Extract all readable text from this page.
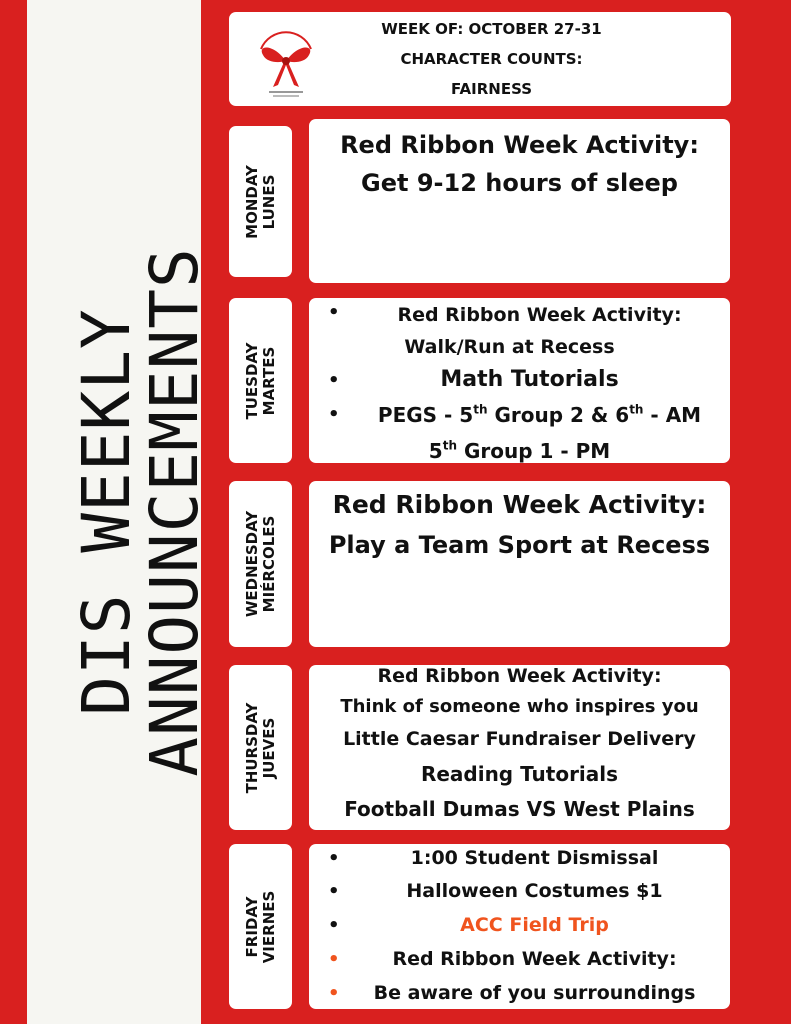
DIS WEEKLY
ANNOUNCEMENTS
WEEK OF: OCTOBER 27-31
CHARACTER COUNTS:
FAIRNESS
MONDAY LUNES
Red Ribbon Week Activity:
Get 9-12 hours of sleep
TUESDAY MARTES
•	Red Ribbon Week Activity:
Walk/Run at Recess
•	Math Tutorials
•	PEGS - 5th Group 2 & 6th - AM
5th Group 1 - PM
WEDNESDAY MIÉRCOLES
Red Ribbon Week Activity:
Play a Team Sport at Recess
THURSDAY JUEVES
Red Ribbon Week Activity:
Think of someone who inspires you
Little Caesar Fundraiser Delivery
Reading Tutorials
Football Dumas VS West Plains
FRIDAY VIERNES
•	1:00 Student Dismissal
•	Halloween Costumes $1
•	ACC Field Trip
•	Red Ribbon Week Activity:
•	Be aware of you surroundings
